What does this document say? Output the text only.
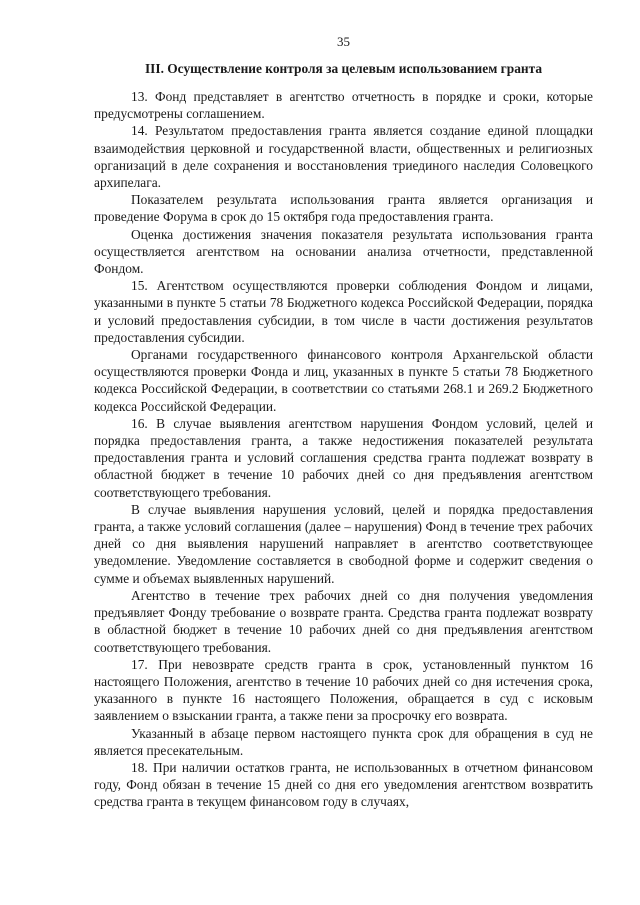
35
III. Осуществление контроля за целевым использованием гранта

13. Фонд представляет в агентство отчетность в порядке и сроки, которые предусмотрены соглашением.

14. Результатом предоставления гранта является создание единой площадки взаимодействия церковной и государственной власти, общественных и религиозных организаций в деле сохранения и восстановления триединого наследия Соловецкого архипелага.

Показателем результата использования гранта является организация и проведение Форума в срок до 15 октября года предоставления гранта.

Оценка достижения значения показателя результата использования гранта осуществляется агентством на основании анализа отчетности, представленной Фондом.

15. Агентством осуществляются проверки соблюдения Фондом и лицами, указанными в пункте 5 статьи 78 Бюджетного кодекса Российской Федерации, порядка и условий предоставления субсидии, в том числе в части достижения результатов предоставления субсидии.

Органами государственного финансового контроля Архангельской области осуществляются проверки Фонда и лиц, указанных в пункте 5 статьи 78 Бюджетного кодекса Российской Федерации, в соответствии со статьями 268.1 и 269.2 Бюджетного кодекса Российской Федерации.

16. В случае выявления агентством нарушения Фондом условий, целей и порядка предоставления гранта, а также недостижения показателей результата предоставления гранта и условий соглашения средства гранта подлежат возврату в областной бюджет в течение 10 рабочих дней со дня предъявления агентством соответствующего требования.

В случае выявления нарушения условий, целей и порядка предоставления гранта, а также условий соглашения (далее – нарушения) Фонд в течение трех рабочих дней со дня выявления нарушений направляет в агентство соответствующее уведомление. Уведомление составляется в свободной форме и содержит сведения о сумме и объемах выявленных нарушений.

Агентство в течение трех рабочих дней со дня получения уведомления предъявляет Фонду требование о возврате гранта. Средства гранта подлежат возврату в областной бюджет в течение 10 рабочих дней со дня предъявления агентством соответствующего требования.

17. При невозврате средств гранта в срок, установленный пунктом 16 настоящего Положения, агентство в течение 10 рабочих дней со дня истечения срока, указанного в пункте 16 настоящего Положения, обращается в суд с исковым заявлением о взыскании гранта, а также пени за просрочку его возврата.

Указанный в абзаце первом настоящего пункта срок для обращения в суд не является пресекательным.

18. При наличии остатков гранта, не использованных в отчетном финансовом году, Фонд обязан в течение 15 дней со дня его уведомления агентством возвратить средства гранта в текущем финансовом году в случаях,
